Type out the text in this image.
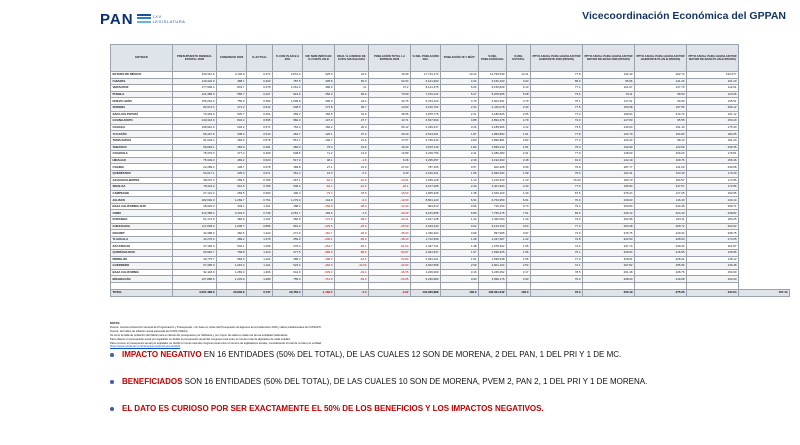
PAN	LXV LEGISLATURA	Vicecoordinación Económica del GPPAN
ENTIDAD	PRESUPUESTO FEDERAL ESTATAL 2026	CONGRESO 2026	% ACTUAL	% CON PLAN B A 20%	DIF NOM (NRVS EN % CON PLAN B	REAL % A INDICE DE 6.00% ANUALIZADA	POBLACIÓN TOTAL LA ENTIDAD 2026	% DEL POBLACIÓN NAL	POBLACIÓN 18 Y MÁS"	% DEL POBLACIÓN NAL	% DEL ESTATAL	PPTO ANUAL PARA LEGISLAR POR HABITANTE 2026 (PESOS)	PPTO ANUAL PARA LEGISLAR POR MAYOR DE EDAD 2026 (PESOS)	PPTO ANUAL PARA LEGISLAR POR HABITANTE PLAN B (PESOS)	PPTO ANUAL PARA LEGISLAR POR MAYOR DE EDAD PLAN B (PESOS)	
ESTADO DE MÉXICO	440,341.6	2,146.0	0.372	2,872.4	325.0	22.4	18.39	17,723,173	13.22	13,793,530	12.41	77.8	132.40	202.72	162.077	
CHIAPAS	140,322.0	388.1	0.403	787.5	405.8	60.3	64.54	6,101,903	4.34	4,150,103	4.03	68.0	95.96	141.20	191.23	
VERACRUZ	177,906.4	843.7	0.478	1,261.3	396.0	-31	47.2	8,121,275	6.06	6,156,829	6.10	77.4	101.07	137.70	112.91	
PUEBLA	121,385.0	580.7	0.427	919.6	350.0	84.0	70.99	7,070,124	5.27	5,205,905	5.08	73.6	79.11	98.50	120.06	
NUEVO LEÓN	156,264.0	755.0	0.483	1,099.8	336.3	44.4	40.76	6,413,123	4.79	4,904,391	4.79	76.1	117.61	90.99	135.51	
SONORA	82,974.4	474.2	0.512	648.0	173.8	36.7	12.83	3,160,762	2.34	2,416,078	2.30	77.5	150.98	197.56	206.12	
SAN LUIS POTOSÍ	70,403.0	526.7	0.464	459.2	166.5	31.0	46.95	2,876,775	2.21	2,186,925	2.05	77.3	199.64	310.74	101.12	
GUANAJUATO	140,316.0	834.4	0.595	982.3	147.9	27.7	13.71	6,537,660	4.88	4,894,478	4.79	74.0	127.83	95.55	150.20	
OAXACA	108,916.0	602.2	0.571	762.4	160.2	20.3	56.12	4,339,317	3.26	3,189,966	3.12	73.5	140.00	191.16	175.30	
YUCATÁN	66,437.9	338.0	0.510	464.7	126.1	37.2	33.29	2,513,461	1.87	1,950,864	1.91	77.8	134.79	194.80	184.95	
TAMAULIPAS	91,033.4	466.6	0.578	567.1	100.7	21.6	17.57	3,760,419	2.80	2,896,881	2.83	77.3	126.40	98.13	151.20	
TABASCO	66,894.1	484.9	0.391	482.3	75.4	19.6	16.33	2,607,119	1.84	1,835,210	1.81	75.0	144.90	123.60	230.35	
COAHUILA	78,376.0	477.4	0.469	548.6	71.2	14.3	10.89	3,229,759	2.41	2,280,283	2.31	77.9	148.00	209.20	179.81	
HIDALGO	75,349.0	469.2	0.623	517.3	48.1	-1.6	6.36	3,295,457	2.46	2,194,393	2.48	91.9	142.19	109.76	156.46	
COLIMA	22,289.3	148.7	0.678	189.8	27.1	21.3	27.03	787,165	0.57	602,308	0.59	76.9	187.77	131.00	230.08	
QUERÉTARO	64,617.1	435.0	0.671	451.3	16.3	-6.5	0.30	2,616,421	1.96	2,090,294	1.99	76.6	164.31	123.40	170.40	
AGUASCALIENTES	38,207.4	259.6	0.780	267.1	-52.3	-10.9	-14.81	1,545,128	1.14	1,215,340	1.13	79.40	193.73	194.57	172.95	
SINALOA	78,344.0	610.5	0.789	548.4	-62.1	-16.3	-26.1	3,107,468	2.30	2,401,964	2.40	77.0	195.83	347.57	172.86	
CAMPECHE	27,131.2	269.5	0.993	190.3	-79.4	-78.5	-15.50	1,835,328	1.38	1,626,100	1.39	87.6	275.24	127.25	192.55	
JALISCO	182,692.0	1,269.7	0.761	1,279.0	144.9	-6.0	-12.00	8,501,120	6.94	6,764,959	6.61	76.0	139.03	116.40	140.14	
BAJA CALIFORNIA SUR	26,903.0	349.1	1.161	188.3	-159.8	-38.9	-42.90	903,612	0.66	716,100	0.70	79.4	250.80	240.45	290.71	
CDMX	312,385.4	2,343.3	0.749	2,251.7	169.6	-4.5	-40.40	9,181,658	6.85	7,756,275	7.51	83.0	239.14	224.40	238.82	
DURANGO	51,174.9	484.3	1.152	360.9	-172.9	-38.2	-42.21	1,927,128	1.44	1,452,050	1.40	74.3	402.98	223.11	180.25	
CHIHUAHUA	117,028.4	1,048.7	0.856	819.2	-229.5	-25.0	-25.50	4,043,130	3.02	3,123,150	3.04	77.0	200.38	209.72	262.62	
NAYARIT	32,398.0	460.6	1.420	271.9	-181.7	-36.9	-35.00	1,336,202	0.99	997,905	0.97	73.0	315.75	240.34	338.75	
TLAXCALA	34,270.0	489.2	1.276	259.0	-230.1	-65.0	-48.10	1,712,939	1.28	1,247,287	1.22	72.8	323.50	228.50	173.05	
ZACATECAS	37,306.0	534.1	1.259	279.4	-254.7	-65.1	-61.60	1,447,721	1.38	1,078,302	1.05	74.6	347.70	239.33	161.87	
QUINTANA ROO	53,981.7	768.8	1.424	377.5	-385.9	-58.0	-54.87	2,091,537	1.57	1,596,625	1.56	76.1	335.84	215.55	135.86	
MORELOS	40,775.7	683.5	1.402	285.4	-398.3	-18.6	-62.84	2,094,101	1.51	1,595,948	1.56	77.0	328.91	428.31	135.12	
GUERRERO	67,395.0	1,015.4	1.101	523.4	-492.0	-44.94	-44.94	3,602,658	2.69	2,601,104	2.54	72.1	297.82	255.96	139.48	
BAJA CALIFORNIA	92,118.0	1,283.3	1.306	644.0	-639.3	-49.3	-46.55	4,206,000	3.16	3,245,252	3.17	78.5	291.18	228.76	154.69	
MICHOACÁN	107,886.6	1,233.0	1.489	755.0	-714.0	-53.3	-53.65	5,236,680	3.90	3,999,175	3.93	76.3	298.00	219.68	164.00	

TOTAL	3,207,486.6	23,632.6	0.737	22,452.4	-1,180.5	-5.0	-9.02	134,000,889	100.0	102,301,342	100.0	76.3	235.19	275.26	134.54	167.44
NOTAS:
Fuente: Cuenta a Dirección General de Programación y Presupuesto, con base en cifras del Presupuesto de Egresos de la Federación 2026 y datos poblacionales del CONAPO.
Fuente: del índice de inflación anual esperada del 6.00% (INEGI).
Se tomó la tabla de población del INEGI para el cálculo del presupuesto por habitante y por mayor de edad en cada una de las entidades federativas.
Para obtener el presupuesto anual por legislador se dividió el presupuesto anual del congreso local entre el número total de diputados de cada entidad.
Para conocer el presupuesto anual por legislador se dividió el monto total del congreso local entre el número de legisladores locales, considerando el total de curules por entidad.
https://www.ppfederal.com/transparencia/presupuesto2026
IMPACTO NEGATIVO EN 16 ENTIDADES (50% DEL TOTAL), DE LAS CUALES 12 SON DE MORENA, 2 DEL PAN, 1 DEL PRI Y 1 DE MC.
BENEFICIADOS SON 16 ENTIDADES (50% DEL TOTAL), DE LAS CUALES 10 SON DE MORENA, PVEM 2, PAN 2, 1 DEL PRI Y 1 DE MORENA.
EL DATO ES CURIOSO POR SER EXACTAMENTE EL 50% DE LOS BENEFICIOS Y LOS IMPACTOS NEGATIVOS.
